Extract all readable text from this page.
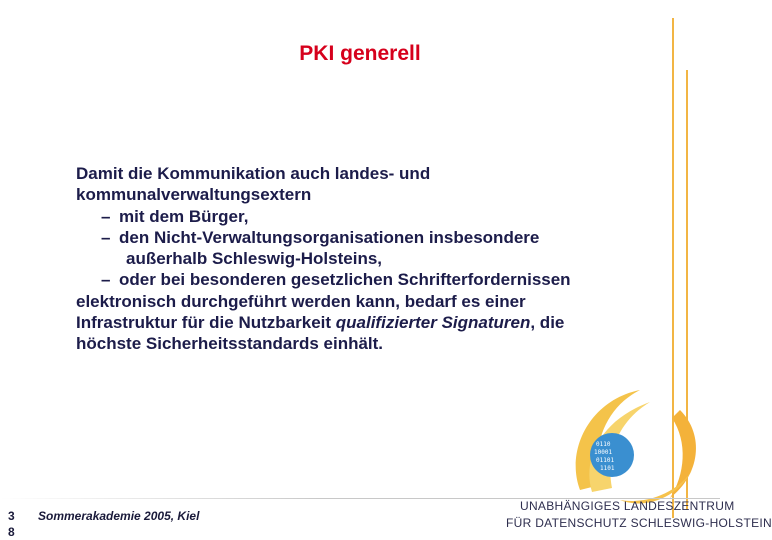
PKI generell
Damit die Kommunikation auch landes- und
kommunalverwaltungsextern
– mit dem Bürger,
– den Nicht-Verwaltungsorganisationen insbesondere
außerhalb Schleswig-Holsteins,
– oder bei besonderen gesetzlichen Schrifterfordernissen
elektronisch durchgeführt werden kann, bedarf es einer
Infrastruktur für die Nutzbarkeit qualifizierter Signaturen, die
höchste Sicherheitsstandards einhält.
0110
10001
01101
1101
3
8
Sommerakademie 2005, Kiel
UNABHÄNGIGES LANDESZENTRUM
FÜR DATENSCHUTZ SCHLESWIG-HOLSTEIN
